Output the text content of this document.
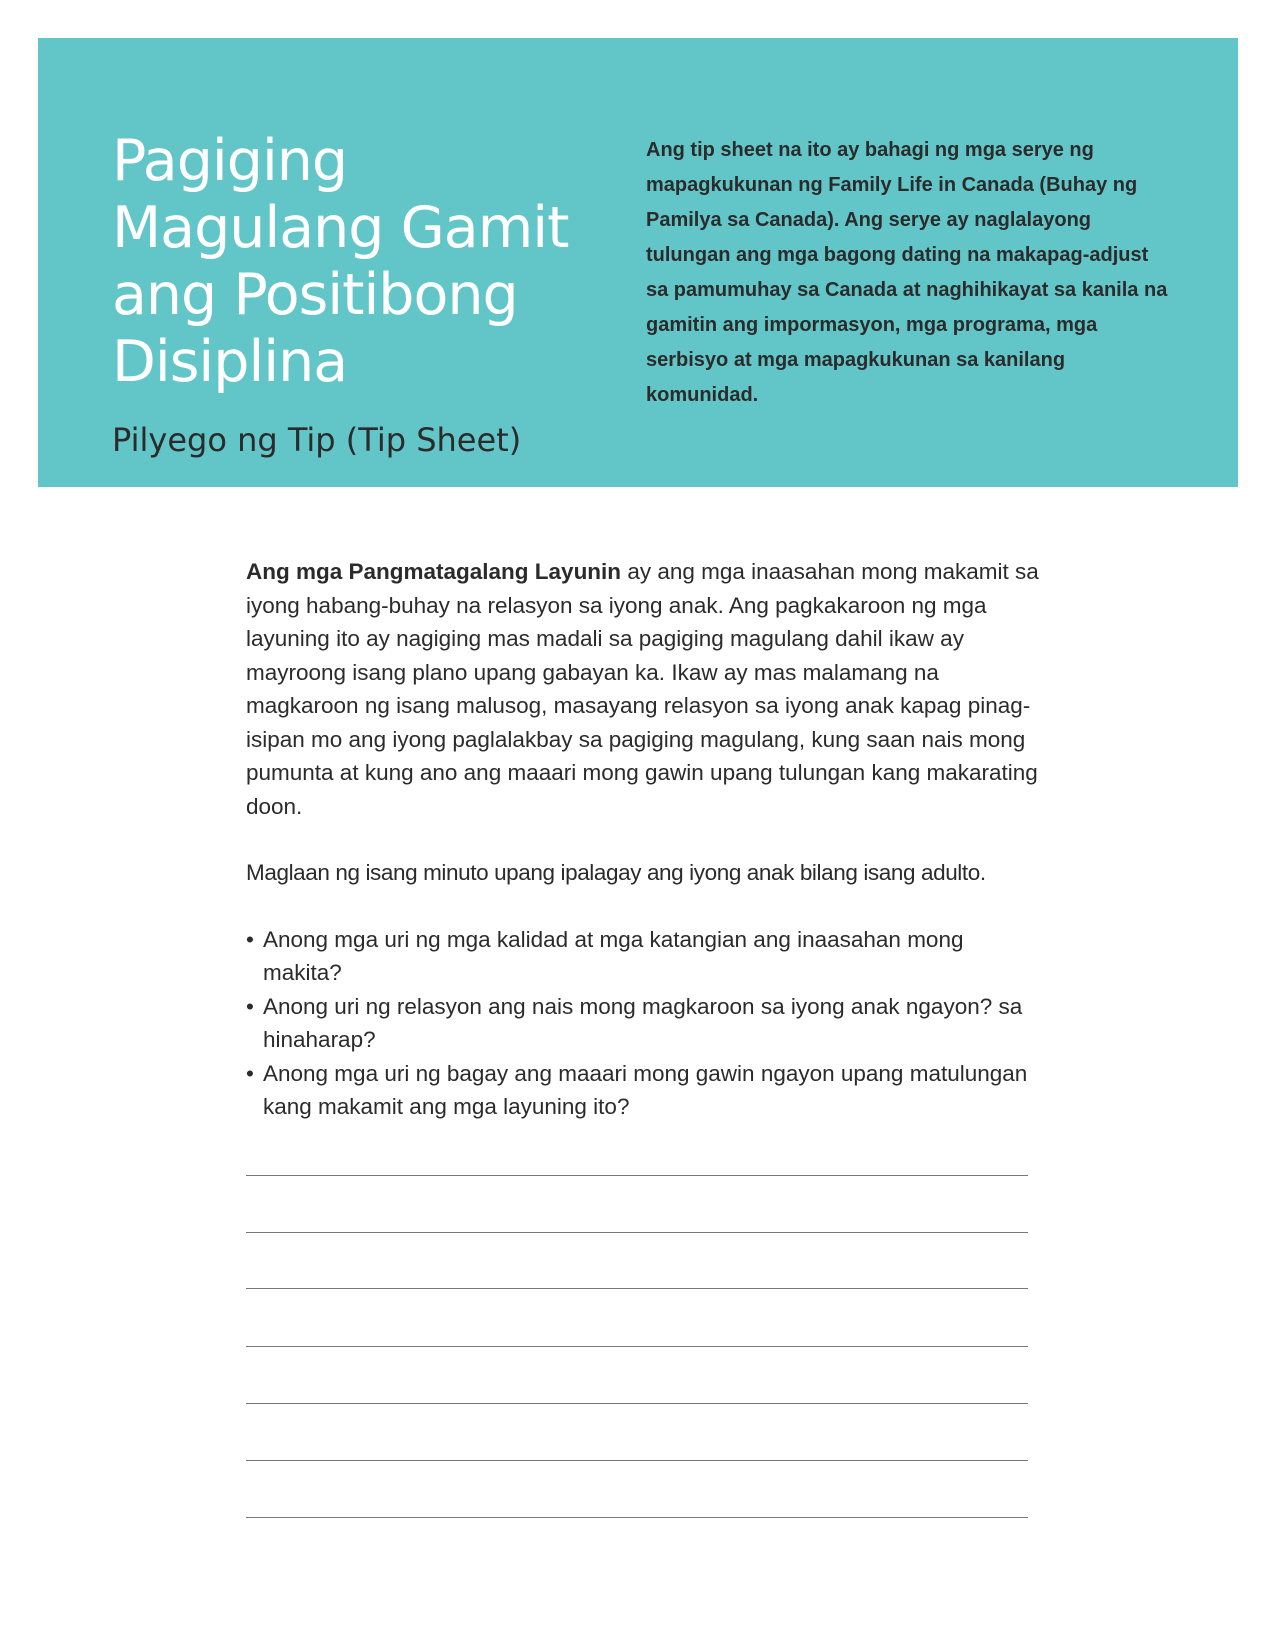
Pagiging Magulang Gamit ang Positibong Disiplina
Pilyego ng Tip (Tip Sheet)

Ang tip sheet na ito ay bahagi ng mga serye ng mapagkukunan ng Family Life in Canada (Buhay ng Pamilya sa Canada). Ang serye ay naglalayong tulungan ang mga bagong dating na makapag-adjust sa pamumuhay sa Canada at naghihikayat sa kanila na gamitin ang impormasyon, mga programa, mga serbisyo at mga mapagkukunan sa kanilang komunidad.

Ang mga Pangmatagalang Layunin ay ang mga inaasahan mong makamit sa iyong habang-buhay na relasyon sa iyong anak. Ang pagkakaroon ng mga layuning ito ay nagiging mas madali sa pagiging magulang dahil ikaw ay mayroong isang plano upang gabayan ka. Ikaw ay mas malamang na magkaroon ng isang malusog, masayang relasyon sa iyong anak kapag pinag-isipan mo ang iyong paglalakbay sa pagiging magulang, kung saan nais mong pumunta at kung ano ang maaari mong gawin upang tulungan kang makarating doon.

Maglaan ng isang minuto upang ipalagay ang iyong anak bilang isang adulto.

• Anong mga uri ng mga kalidad at mga katangian ang inaasahan mong makita?
• Anong uri ng relasyon ang nais mong magkaroon sa iyong anak ngayon? sa hinaharap?
• Anong mga uri ng bagay ang maaari mong gawin ngayon upang matulungan kang makamit ang mga layuning ito?
